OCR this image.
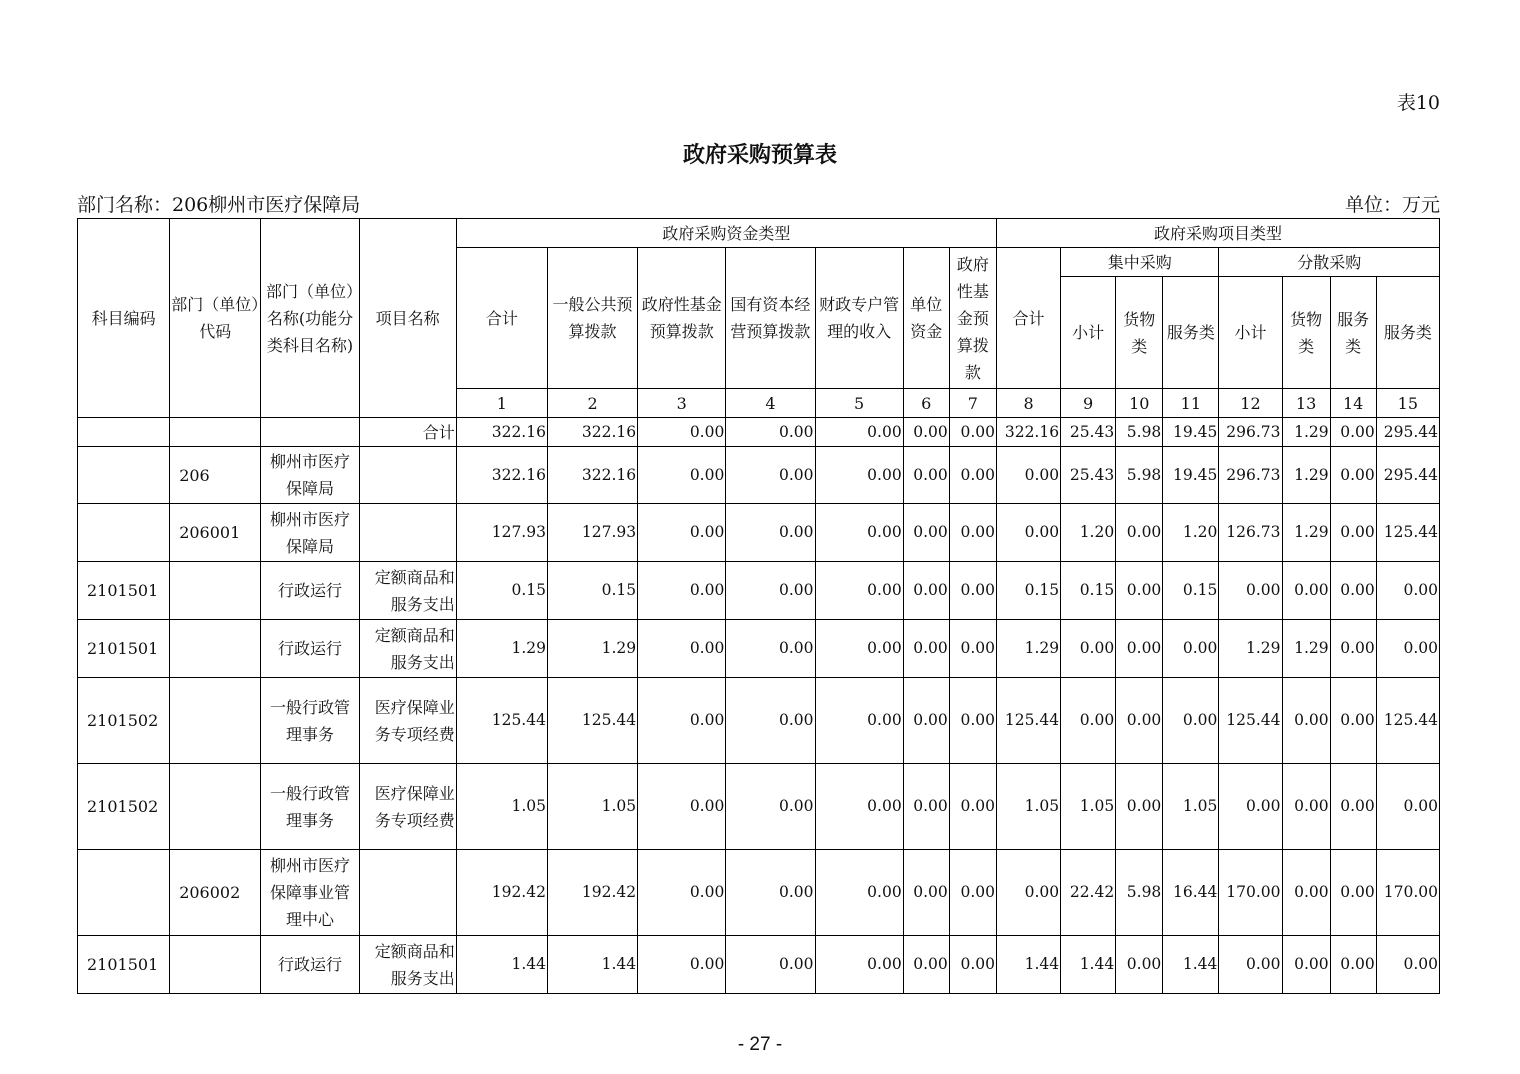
表10
政府采购预算表
部门名称：206柳州市医疗保障局	单位：万元
科目编码	部门（单位）代码	部门（单位）名称(功能分类科目名称)	项目名称	政府采购资金类型							政府采购项目类型							
				合计	一般公共预算拨款	政府性基金预算拨款	国有资本经营预算拨款	财政专户管理的收入	单位资金	政府性基金预算拨款	合计	集中采购			分散采购			
												小计	货物类	服务类	小计	货物类	服务类	服务类
				1	2	3	4	5	6	7	8	9	10	11	12	13	14	15
			合计	322.16	322.16	0.00	0.00	0.00	0.00	0.00	322.16	25.43	5.98	19.45	296.73	1.29	0.00	295.44
	206	柳州市医疗保障局		322.16	322.16	0.00	0.00	0.00	0.00	0.00	0.00	25.43	5.98	19.45	296.73	1.29	0.00	295.44
	206001	柳州市医疗保障局		127.93	127.93	0.00	0.00	0.00	0.00	0.00	0.00	1.20	0.00	1.20	126.73	1.29	0.00	125.44
2101501		行政运行	定额商品和服务支出	0.15	0.15	0.00	0.00	0.00	0.00	0.00	0.15	0.15	0.00	0.15	0.00	0.00	0.00	0.00
2101501		行政运行	定额商品和服务支出	1.29	1.29	0.00	0.00	0.00	0.00	0.00	1.29	0.00	0.00	0.00	1.29	1.29	0.00	0.00
2101502		一般行政管理事务	医疗保障业务专项经费	125.44	125.44	0.00	0.00	0.00	0.00	0.00	125.44	0.00	0.00	0.00	125.44	0.00	0.00	125.44
2101502		一般行政管理事务	医疗保障业务专项经费	1.05	1.05	0.00	0.00	0.00	0.00	0.00	1.05	1.05	0.00	1.05	0.00	0.00	0.00	0.00
	206002	柳州市医疗保障事业管理中心		192.42	192.42	0.00	0.00	0.00	0.00	0.00	0.00	22.42	5.98	16.44	170.00	0.00	0.00	170.00
2101501		行政运行	定额商品和服务支出	1.44	1.44	0.00	0.00	0.00	0.00	0.00	1.44	1.44	0.00	1.44	0.00	0.00	0.00	0.00
- 27 -
